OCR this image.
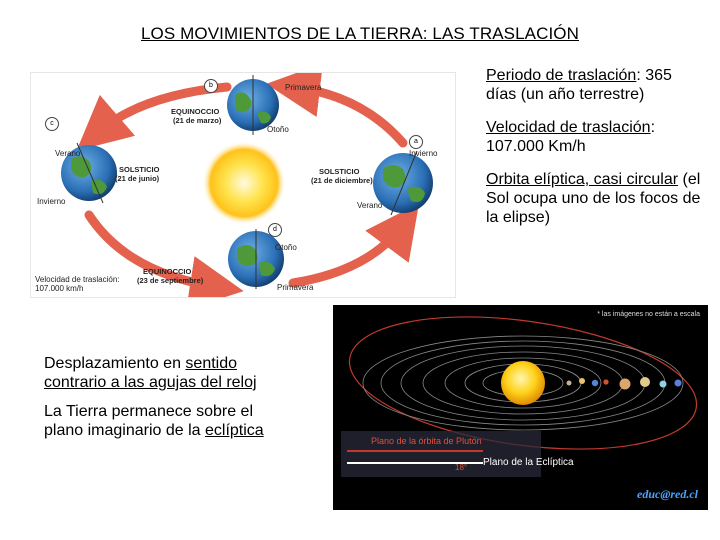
LOS MOVIMIENTOS DE LA TIERRA: LAS TRASLACIÓN

Periodo de traslación: 365 días (un año terrestre)

Velocidad de traslación: 107.000 Km/h

Orbita elíptica, casi circular (el Sol ocupa uno de los focos de la elipse)

Desplazamiento en sentido contrario a las agujas del reloj

La Tierra permanece sobre el plano imaginario de la eclíptica

b
c
a
d
EQUINOCCIO
(21 de marzo)
Primavera
Otoño
Verano
Invierno
SOLSTICIO
(21 de junio)
Invierno
SOLSTICIO
(21 de diciembre)
Verano
Otoño
EQUINOCCIO
(23 de septiembre)
Primavera
Velocidad de traslación:
107.000 km/h
* las imágenes no están a escala
Plano de la órbita de Plutón
Plano de la Eclíptica
18°
educ@red.cl
